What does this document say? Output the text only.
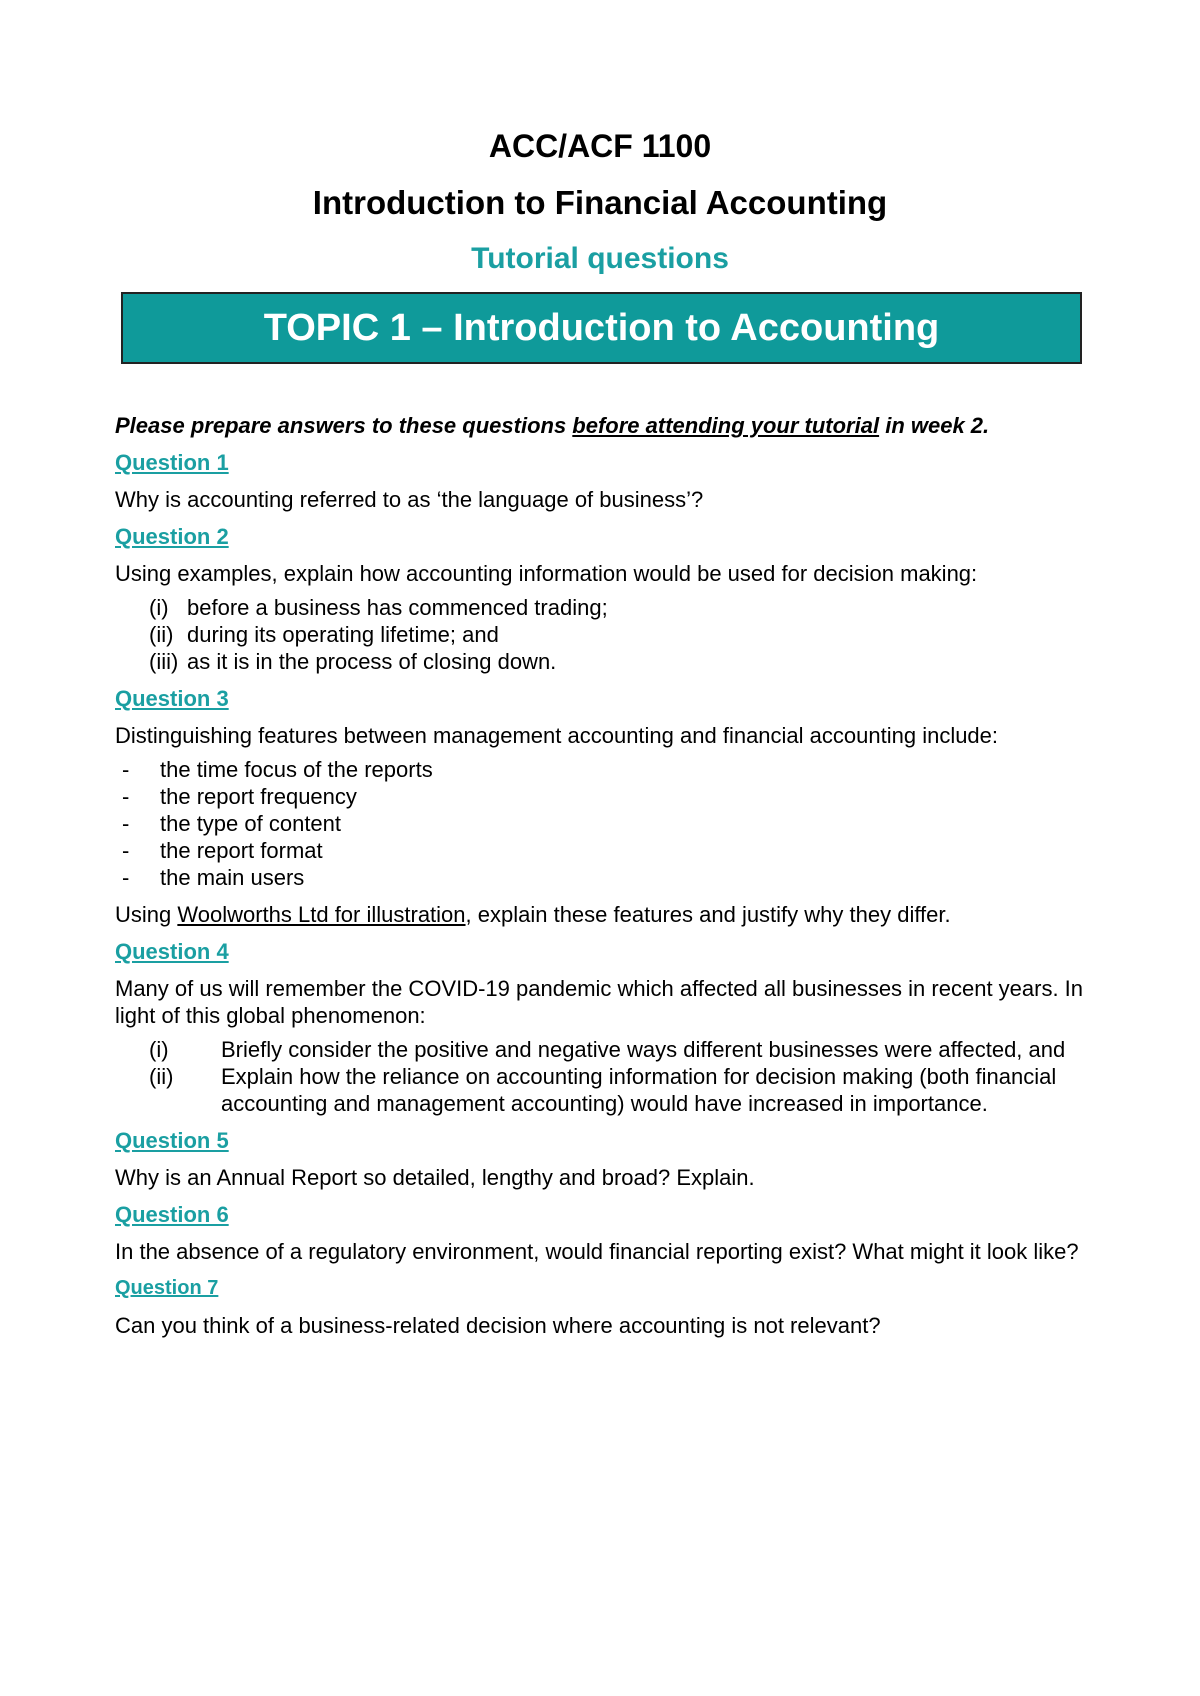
ACC/ACF 1100
Introduction to Financial Accounting
Tutorial questions
TOPIC 1 – Introduction to Accounting

Please prepare answers to these questions before attending your tutorial in week 2.

Question 1

Why is accounting referred to as ‘the language of business’?

Question 2

Using examples, explain how accounting information would be used for decision making:

(i) before a business has commenced trading;
(ii) during its operating lifetime; and
(iii) as it is in the process of closing down.
Question 3

Distinguishing features between management accounting and financial accounting include:

-	the time focus of the reports
-	the report frequency
-	the type of content
-	the report format
-	the main users

Using Woolworths Ltd for illustration, explain these features and justify why they differ.

Question 4

Many of us will remember the COVID-19 pandemic which affected all businesses in recent years. In light of this global phenomenon:

(i)	Briefly consider the positive and negative ways different businesses were affected, and
(ii)	Explain how the reliance on accounting information for decision making (both financial accounting and management accounting) would have increased in importance.
Question 5

Why is an Annual Report so detailed, lengthy and broad? Explain.

Question 6

In the absence of a regulatory environment, would financial reporting exist? What might it look like?

Question 7

Can you think of a business-related decision where accounting is not relevant?
